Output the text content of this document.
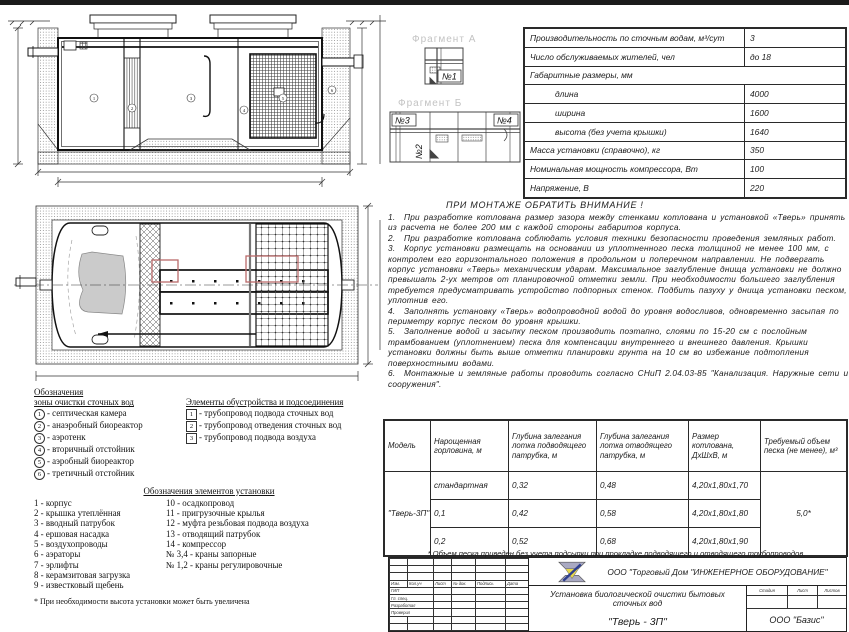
1
2
3
4
5
6
Фрагмент А
№1
Фрагмент Б
№3	№4
№2
Производительность по сточным водам, м³/сут	3
Число обслуживаемых жителей, чел	до 18
Габаритные размеры, мм	
длина	4000
ширина	1600
высота (без учета крышки)	1640
Масса установки (справочно), кг	350
Номинальная мощность компрессора, Вт	100
Напряжение, В	220
ПРИ МОНТАЖЕ ОБРАТИТЬ ВНИМАНИЕ !

1. При разработке котлована размер зазора между стенками котлована и установкой «Тверь» принять из расчета не более 200 мм с каждой стороны габаритов корпуса.

2. При разработке котлована соблюдать условия техники безопасности проведения земляных работ.

3. Корпус установки размещать на основании из уплотненного песка толщиной не менее 100 мм, с контролем его горизонтального положения в продольном и поперечном направлении. Не подвергать корпус установки «Тверь» механическим ударам. Максимальное заглубление днища установки не должно превышать 2-ух метров от планировочной отметки земли. При необходимости большего заглубления требуется предусматривать устройство подпорных стенок. Подбить пазуху у днища установки песком, уплотнив его.

4. Заполнять установку «Тверь» водопроводной водой до уровня водосливов, одновременно засыпая по периметру корпус песком до уровня крышки.

5. Заполнение водой и засыпку песком производить поэтапно, слоями по 15-20 см с послойным трамбованием (уплотнением) песка для компенсации внутреннего и внешнего давления. Крышки установки должны быть выше отметки планировки грунта на 10 см во избежание подтопления поверхностными водами.

6. Монтажные и земляные работы проводить согласно СНиП 2.04.03-85 "Канализация. Наружные сети и сооружения".

Обозначения

зоны очистки сточных вод

1 - септическая камера

2 - анаэробный биореактор

3 - аэротенк

4 - вторичный отстойник

5 - аэробный биореактор

6 - третичный отстойник

Элементы обустройства и подсоединения

1 - трубопровод подвода сточных вод

2 - трубопровод отведения сточных вод

3 - трубопровод подвода воздуха

Обозначения элементов установки

1 - корпус

2 - крышка утеплённая

3 - вводный патрубок

4 - ершовая насадка

5 - воздухопроводы

6 - аэраторы

7 - эрлифты

8 - керамзитовая загрузка

9 - известковый щебень

10 - осадкопровод

11 - пригрузочные крылья

12 - муфта резьбовая подвода воздуха

13 - отводящий патрубок

14 - компрессор

№ 3,4 - краны запорные

№ 1,2 - краны регулировочные

* При необходимости высота установки может быть увеличена

Модель	Нарощенная горловина, м	Глубина залегания лотка подводящего патрубка, м	Глубина залегания лотка отводящего патрубка, м	Размер котлована, ДхШхВ, м	Требуемый объем песка (не менее), м³
"Тверь-3П"	стандартная	0,32	0,48	4,20х1,80х1,70	5,0*
	0,1	0,42	0,58	4,20х1,80х1,80	
	0,2	0,52	0,68	4,20х1,80х1,90	
* Объем песка приведен без учета подсыпки при прокладке подводящего и отводящего трубопроводов.

Изм.	Кол.уч	Лист	№ док.	Подпись	Дата
ГИП					
Гл. спец.					
Разработал					
Проверил					

ООО "Торговый Дом "ИНЖЕНЕРНОЕ ОБОРУДОВАНИЕ"
Установка биологической очистки бытовых сточных вод
"Тверь - 3П"
Стадия	Лист	Листов
ООО "Базис"
